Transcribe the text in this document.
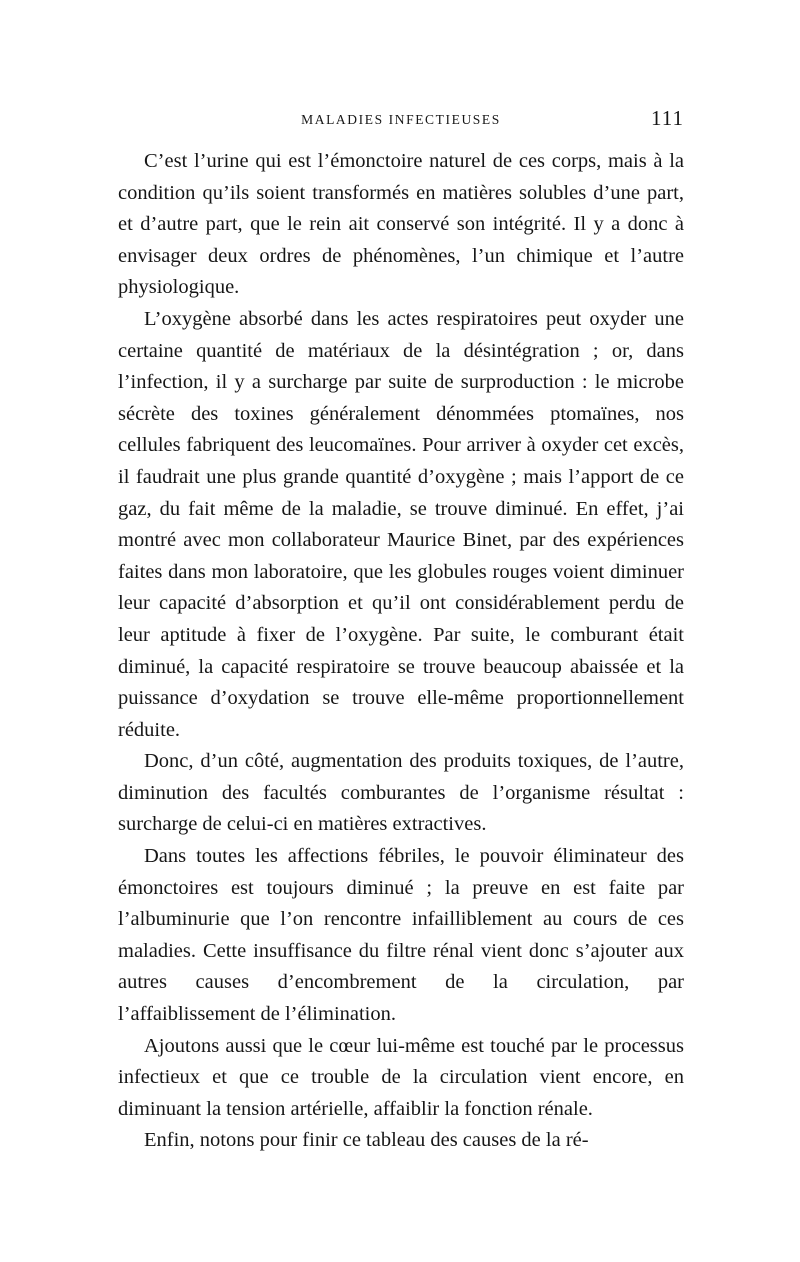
MALADIES INFECTIEUSES	111

C’est l’urine qui est l’émonctoire naturel de ces corps, mais à la condition qu’ils soient transformés en matières solubles d’une part, et d’autre part, que le rein ait conservé son intégrité. Il y a donc à envisager deux ordres de phénomènes, l’un chimique et l’autre physiologique.

L’oxygène absorbé dans les actes respiratoires peut oxyder une certaine quantité de matériaux de la désintégration ; or, dans l’infection, il y a surcharge par suite de surproduction : le microbe sécrète des toxines généralement dénommées ptomaïnes, nos cellules fabriquent des leucomaïnes. Pour arriver à oxyder cet excès, il faudrait une plus grande quantité d’oxygène ; mais l’apport de ce gaz, du fait même de la maladie, se trouve diminué. En effet, j’ai montré avec mon collaborateur Maurice Binet, par des expériences faites dans mon laboratoire, que les globules rouges voient diminuer leur capacité d’absorption et qu’il ont considérablement perdu de leur aptitude à fixer de l’oxygène. Par suite, le comburant était diminué, la capacité respiratoire se trouve beaucoup abaissée et la puissance d’oxydation se trouve elle-même proportionnellement réduite.

Donc, d’un côté, augmentation des produits toxiques, de l’autre, diminution des facultés comburantes de l’organisme résultat : surcharge de celui-ci en matières extractives.

Dans toutes les affections fébriles, le pouvoir éliminateur des émonctoires est toujours diminué ; la preuve en est faite par l’albuminurie que l’on rencontre infailliblement au cours de ces maladies. Cette insuffisance du filtre rénal vient donc s’ajouter aux autres causes d’encombrement de la circulation, par l’affaiblissement de l’élimination.

Ajoutons aussi que le cœur lui-même est touché par le processus infectieux et que ce trouble de la circulation vient encore, en diminuant la tension artérielle, affaiblir la fonction rénale.

Enfin, notons pour finir ce tableau des causes de la ré-
